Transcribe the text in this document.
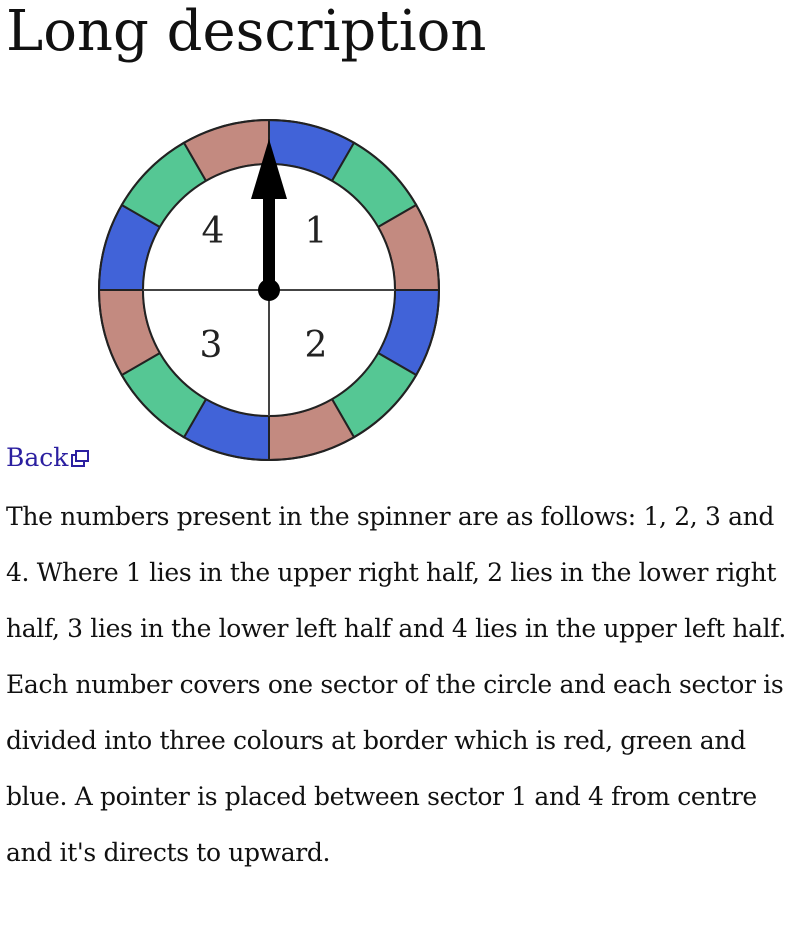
Long description
4 1
3 2
Back

The numbers present in the spinner are as follows: 1, 2, 3 and 4. Where 1 lies in the upper right half, 2 lies in the lower right half, 3 lies in the lower left half and 4 lies in the upper left half. Each number covers one sector of the circle and each sector is divided into three colours at border which is red, green and blue. A pointer is placed between sector 1 and 4 from centre and it's directs to upward.
